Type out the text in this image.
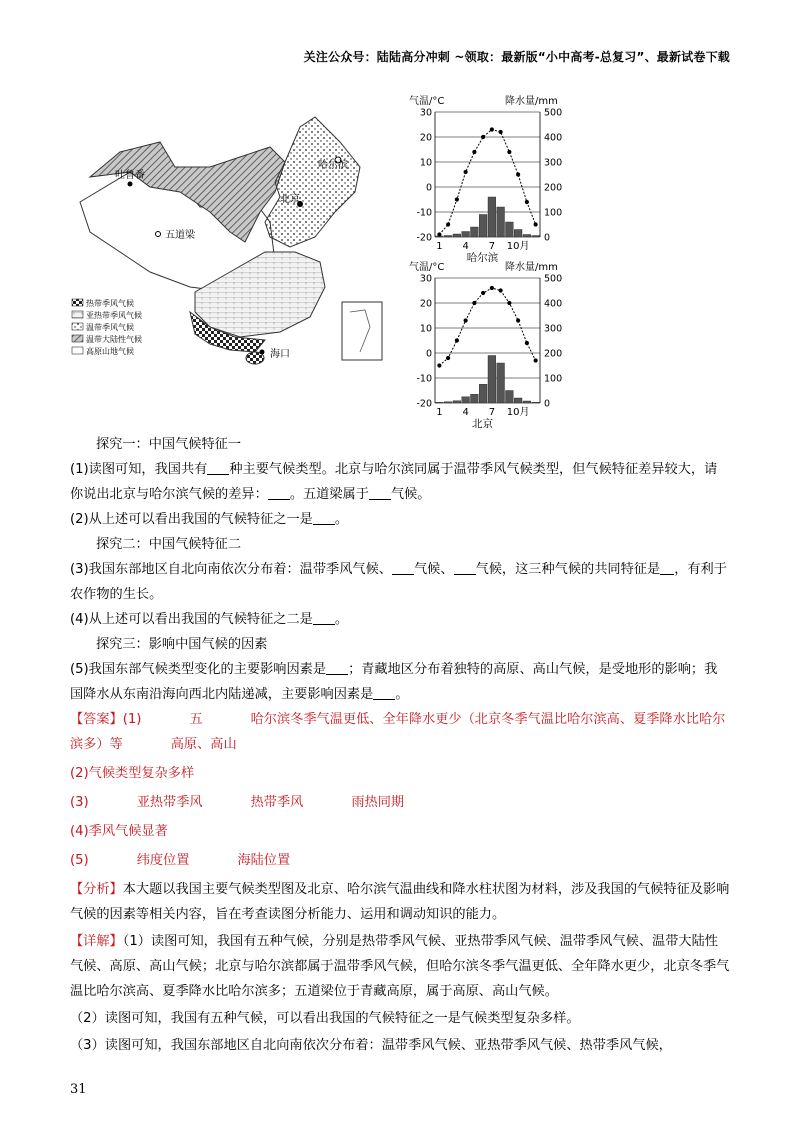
关注公众号：陆陆高分冲刺 ~领取：最新版“小中高考-总复习”、最新试卷下载
吐鲁番
哈尔滨
北京
五道梁
海口
热带季风气候
亚热带季风气候
温带季风气候
温带大陆性气候
高原山地气候
30	500
20	400
10	300
0	200
-10	100
-20	0
气温/°C	降水量/mm
1 4 7 10月
哈尔滨
30	500
20	400
10	300
0	200
-10	100
-20	0
气温/°C	降水量/mm
1 4 7 10月
北京

探究一：中国气候特征一

(1)读图可知，我国共有 种主要气候类型。北京与哈尔滨同属于温带季风气候类型，但气候特征差异较大，请你说出北京与哈尔滨气候的差异： 。五道梁属于 气候。

(2)从上述可以看出我国的气候特征之一是 。

探究二：中国气候特征二

(3)我国东部地区自北向南依次分布着：温带季风气候、 气候、 气候，这三种气候的共同特征是 ，有利于农作物的生长。

(4)从上述可以看出我国的气候特征之二是 。

探究三：影响中国气候的因素

(5)我国东部气候类型变化的主要影响因素是 ；青藏地区分布着独特的高原、高山气候，是受地形的影响；我国降水从东南沿海向西北内陆递减，主要影响因素是 。

【答案】(1)	五	哈尔滨冬季气温更低、全年降水更少（北京冬季气温比哈尔滨高、夏季降水比哈尔滨多）等	高原、高山

(2)气候类型复杂多样

(3)	亚热带季风	热带季风	雨热同期

(4)季风气候显著

(5)	纬度位置	海陆位置

【分析】本大题以我国主要气候类型图及北京、哈尔滨气温曲线和降水柱状图为材料，涉及我国的气候特征及影响气候的因素等相关内容，旨在考查读图分析能力、运用和调动知识的能力。

【详解】（1）读图可知，我国有五种气候，分别是热带季风气候、亚热带季风气候、温带季风气候、温带大陆性气候、高原、高山气候；北京与哈尔滨都属于温带季风气候，但哈尔滨冬季气温更低、全年降水更少，北京冬季气温比哈尔滨高、夏季降水比哈尔滨多；五道梁位于青藏高原，属于高原、高山气候。

（2）读图可知，我国有五种气候，可以看出我国的气候特征之一是气候类型复杂多样。

（3）读图可知，我国东部地区自北向南依次分布着：温带季风气候、亚热带季风气候、热带季风气候，

31
